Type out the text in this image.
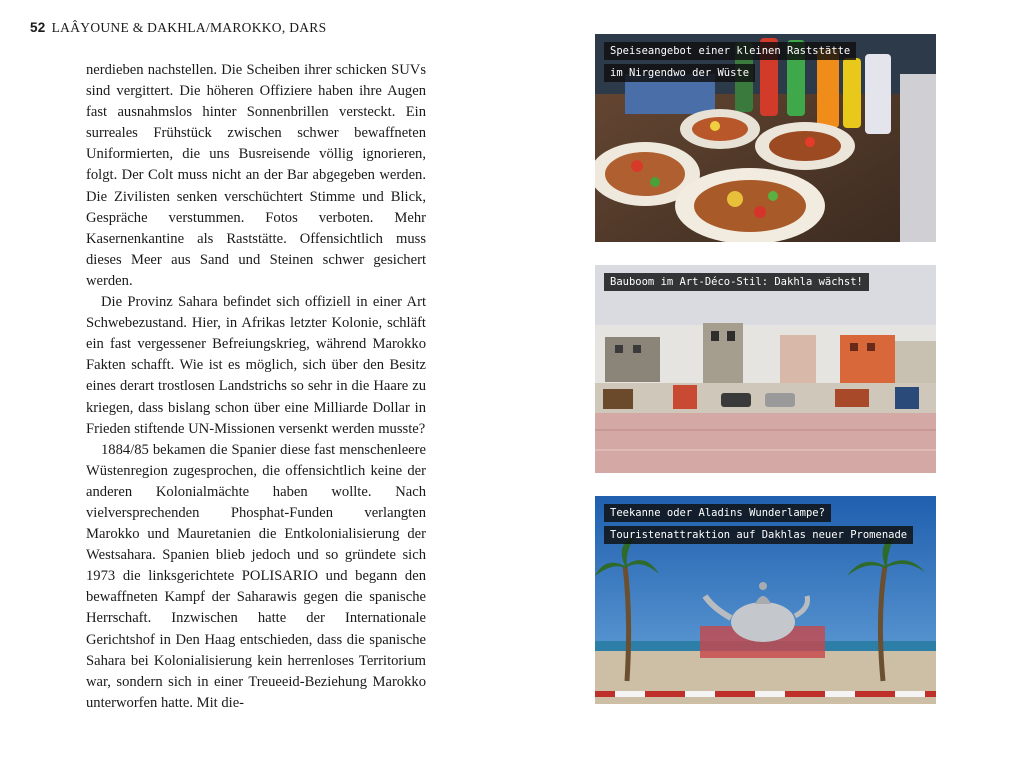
52 LAÂYOUNE & DAKHLA/MAROKKO, DARS

nerdieben nachstellen. Die Scheiben ihrer schicken SUVs sind vergittert. Die höheren Offiziere haben ihre Augen fast ausnahmslos hinter Sonnenbrillen versteckt. Ein surreales Frühstück zwischen schwer bewaffneten Uniformierten, die uns Busreisende völlig ignorieren, folgt. Der Colt muss nicht an der Bar abgegeben werden. Die Zivilisten senken verschüchtert Stimme und Blick, Gespräche verstummen. Fotos verboten. Mehr Kasernenkantine als Raststätte. Offensichtlich muss dieses Meer aus Sand und Steinen schwer gesichert werden.

Die Provinz Sahara befindet sich offiziell in einer Art Schwebezustand. Hier, in Afrikas letzter Kolonie, schläft ein fast vergessener Befreiungskrieg, während Marokko Fakten schafft. Wie ist es möglich, sich über den Besitz eines derart trostlosen Landstrichs so sehr in die Haare zu kriegen, dass bislang schon über eine Milliarde Dollar in Frieden stiftende UN-Missionen versenkt werden musste?

1884/85 bekamen die Spanier diese fast menschenleere Wüstenregion zugesprochen, die offensichtlich keine der anderen Kolonialmächte haben wollte. Nach vielversprechenden Phosphat-Funden verlangten Marokko und Mauretanien die Entkolonialisierung der Westsahara. Spanien blieb jedoch und so gründete sich 1973 die linksgerichtete POLISARIO und begann den bewaffneten Kampf der Saharawis gegen die spanische Herrschaft. Inzwischen hatte der Internationale Gerichtshof in Den Haag entschieden, dass die spanische Sahara bei Kolonialisierung kein herrenloses Territorium war, sondern sich in einer Treueeid-Beziehung Marokko unterworfen hatte. Mit die-

Speiseangebot einer kleinen Raststätte
im Nirgendwo der Wüste
Bauboom im Art-Déco-Stil: Dakhla wächst!
Teekanne oder Aladins Wunderlampe?
Touristenattraktion auf Dakhlas neuer Promenade
